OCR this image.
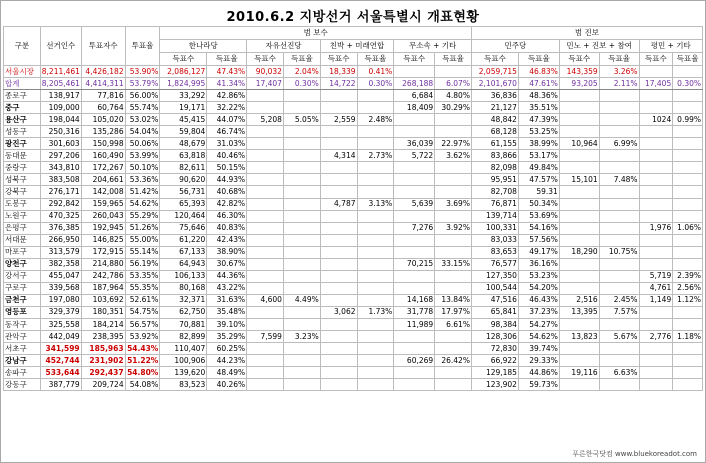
2010.6.2 지방선거 서울특별시 개표현황
구분	선거인수	투표자수	투표율	범 보수								범 진보					
				한나라당		자유선진당		친박 + 미래연합		무소속 + 기타		민주당		민노 + 진보 + 참여		평민 + 기타	
				득표수	득표율	득표수	득표율	득표수	득표율	득표수	득표율	득표수	득표율	득표수	득표율	득표수	득표율
서울시장	8,211,461	4,426,182	53.90%	2,086,127	47.43%	90,032	2.04%	18,339	0.41%			2,059,715	46.83%	143,359	3.26%		
합계	8,205,461	4,414,311	53.79%	1,824,995	41.34%	17,407	0.30%	14,722	0.30%	268,188	6.07%	2,101,670	47.61%	93,205	2.11%	17,405	0.30%
종로구	138,917	77,816	56.00%	33,292	42.86%					6,684	4.80%	36,836	48.36%				
중구	109,000	60,764	55.74%	19,171	32.22%					18,409	30.29%	21,127	35.51%				
용산구	198,044	105,020	53.02%	45,415	44.07%	5,208	5.05%	2,559	2.48%			48,842	47.39%			1024	0.99%
성동구	250,316	135,286	54.04%	59,804	46.74%							68,128	53.25%				
광진구	301,603	150,998	50.06%	48,679	31.03%					36,039	22.97%	61,155	38.99%	10,964	6.99%		
동대문	297,206	160,490	53.99%	63,818	40.46%			4,314	2.73%	5,722	3.62%	83,866	53.17%				
중랑구	343,810	172,267	50.10%	82,611	50.15%							82,098	49.84%				
성북구	383,508	204,661	53.36%	90,620	44.93%							95,951	47.57%	15,101	7.48%		
강북구	276,171	142,008	51.42%	56,731	40.68%							82,708	59.31				
도봉구	292,842	159,965	54.62%	65,393	42.82%			4,787	3.13%	5,639	3.69%	76,871	50.34%				
노원구	470,325	260,043	55.29%	120,464	46.30%							139,714	53.69%				
은평구	376,385	192,945	51.26%	75,646	40.83%					7,276	3.92%	100,331	54.16%			1,976	1.06%
서대문	266,950	146,825	55.00%	61,220	42.43%							83,033	57.56%				
마포구	313,579	172,915	55.14%	67,133	38.90%							83,653	49.17%	18,290	10.75%		
양천구	382,358	214,880	56.19%	64,943	30.67%					70,215	33.15%	76,577	36.16%				
강서구	455,047	242,786	53.35%	106,133	44.36%							127,350	53.23%			5,719	2.39%
구로구	339,568	187,964	55.35%	80,168	43.22%							100,544	54.20%			4,761	2.56%
금천구	197,080	103,692	52.61%	32,371	31.63%	4,600	4.49%			14,168	13.84%	47,516	46.43%	2,516	2.45%	1,149	1.12%
영등포	329,379	180,351	54.75%	62,750	35.48%			3,062	1.73%	31,778	17.97%	65,841	37.23%	13,395	7.57%		
동작구	325,558	184,214	56.57%	70,881	39.10%					11,989	6.61%	98,384	54.27%				
관악구	442,049	238,395	53.92%	82,899	35.29%	7,599	3.23%					128,306	54.62%	13,823	5.67%	2,776	1.18%
서초구	341,599	185,963	54.43%	110,407	60.25%							72,830	39.74%				
강남구	452,744	231,902	51.22%	100,906	44.23%					60,269	26.42%	66,922	29.33%				
송파구	533,644	292,437	54.80%	139,620	48.49%							129,185	44.86%	19,116	6.63%		
강동구	387,779	209,724	54.08%	83,523	40.26%							123,902	59.73%				
푸른한국닷컴 www.bluekoreadot.com
